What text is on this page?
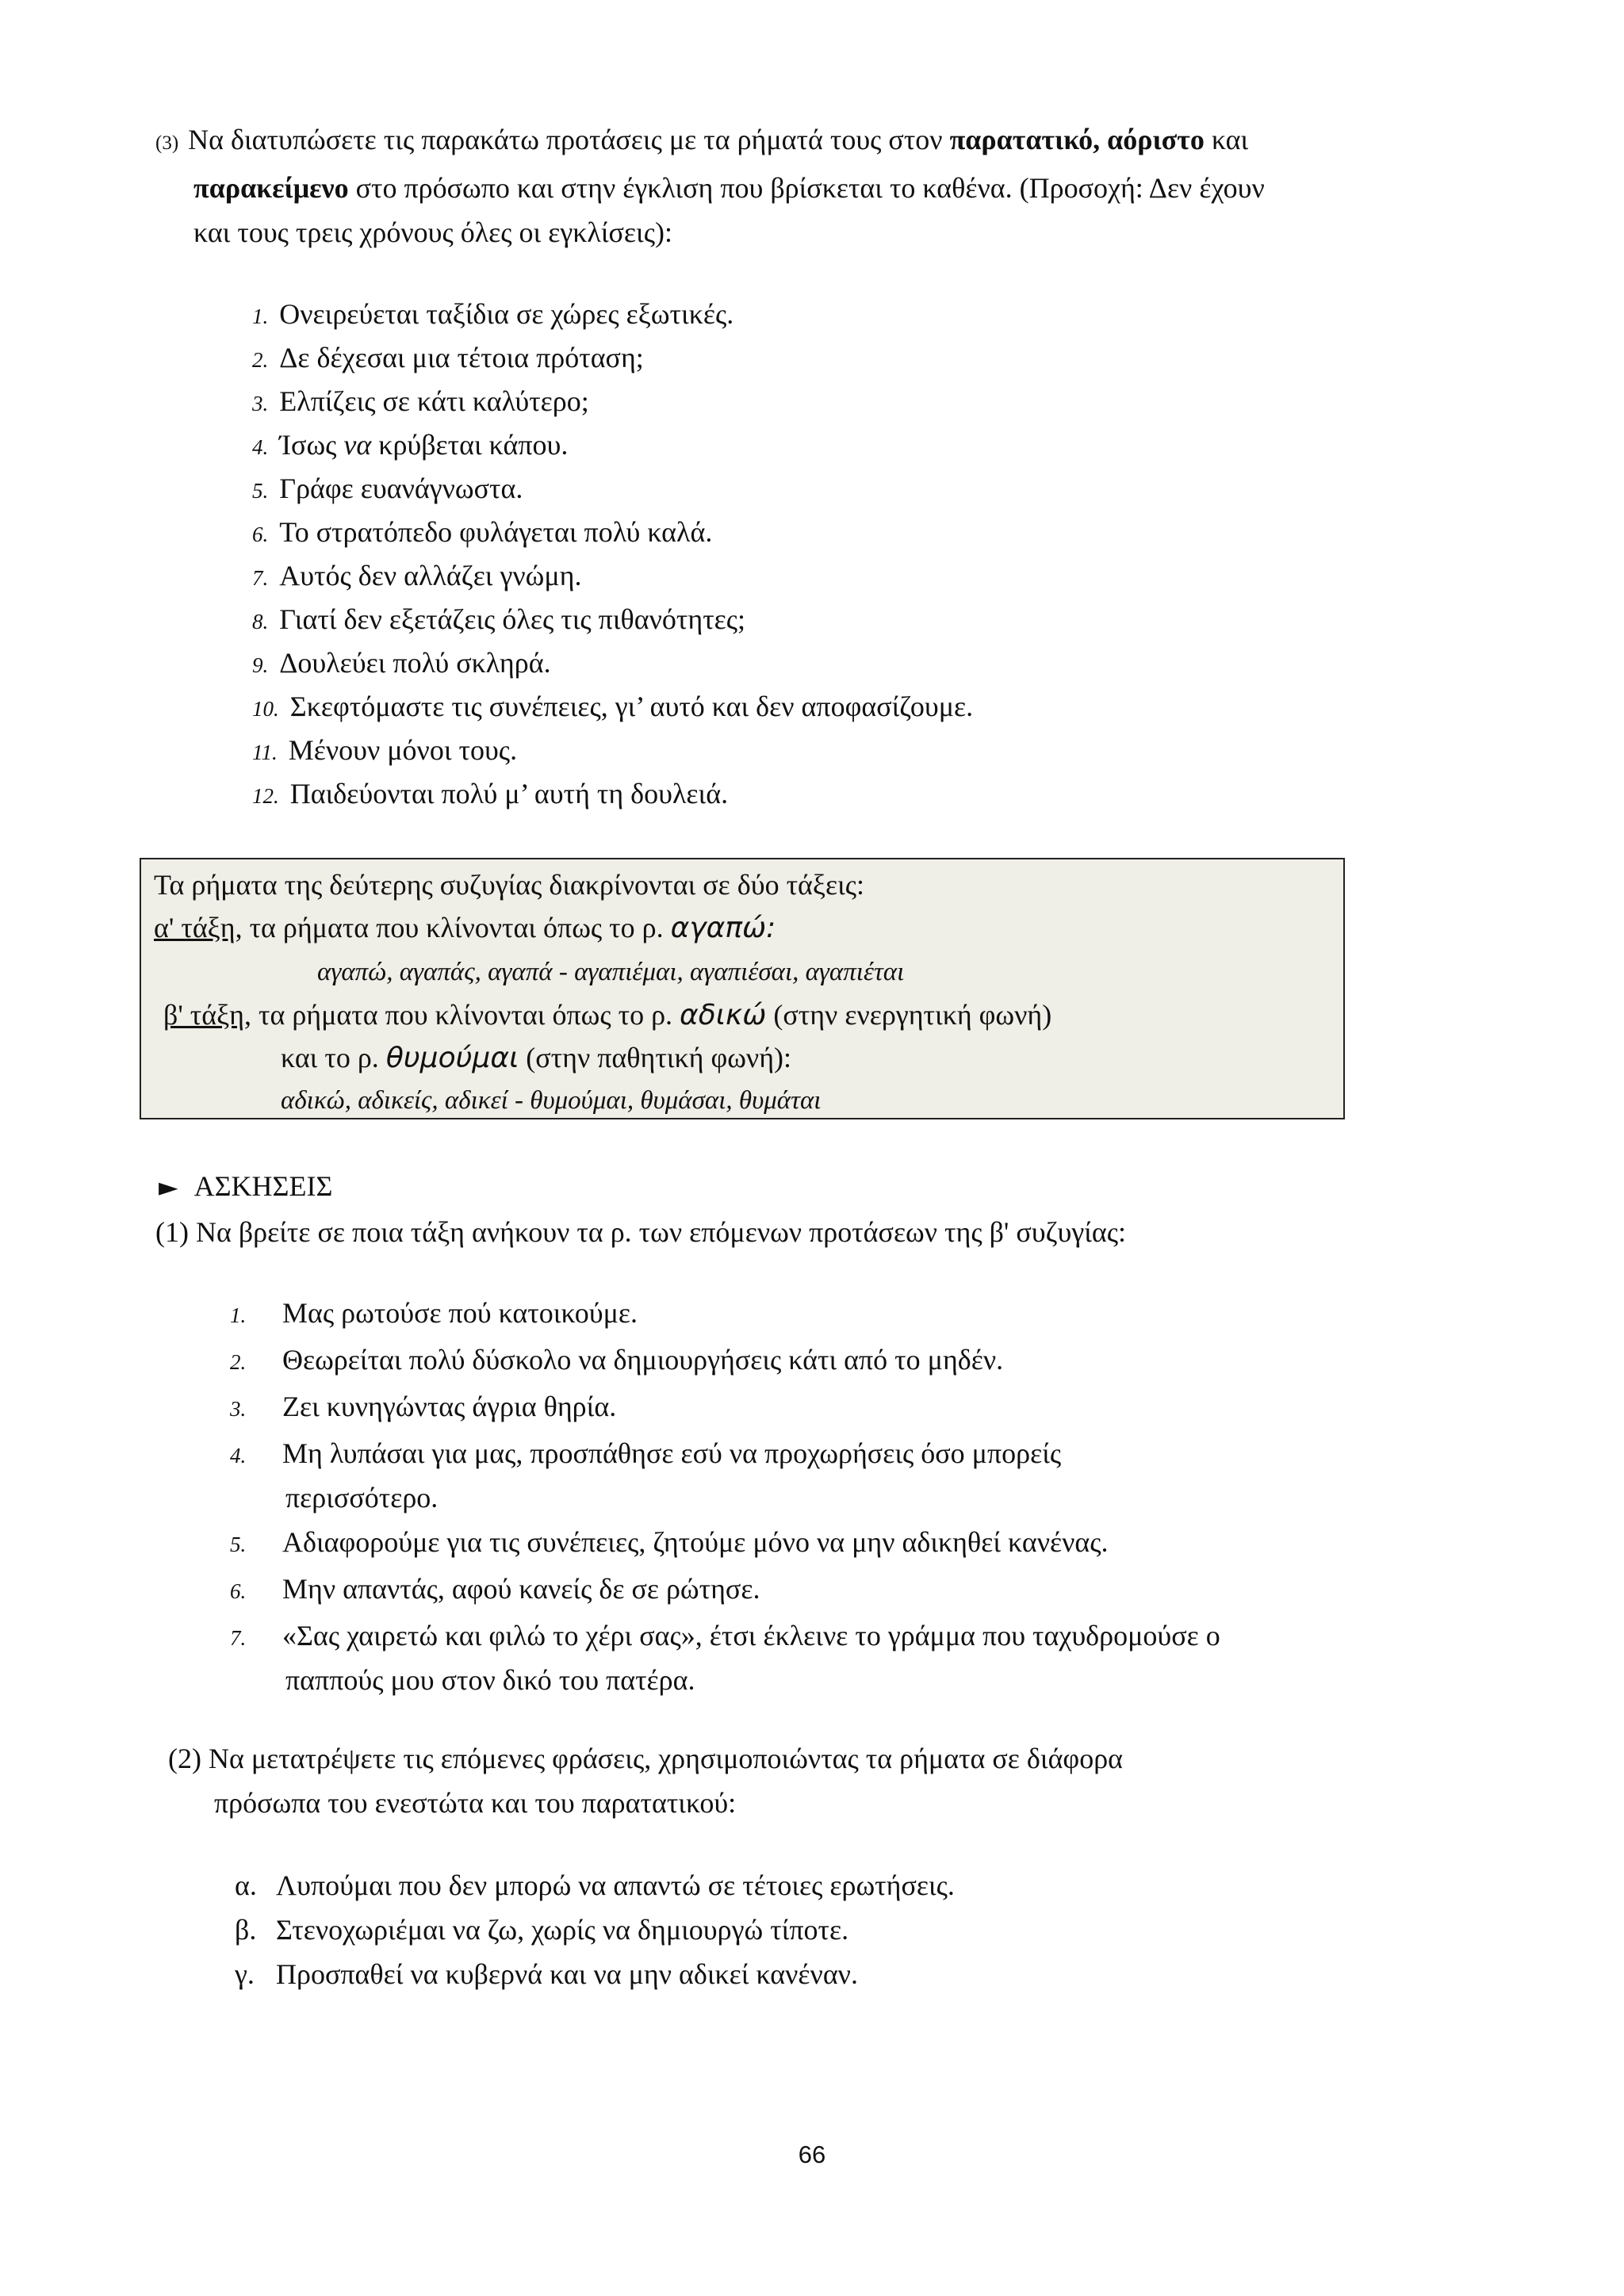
(3) Να διατυπώσετε τις παρακάτω προτάσεις με τα ρήματά τους στον παρατατικό, αόριστο και
παρακείμενο στο πρόσωπο και στην έγκλιση που βρίσκεται το καθένα. (Προσοχή: Δεν έχουν
και τους τρεις χρόνους όλες οι εγκλίσεις):
1. Ονειρεύεται ταξίδια σε χώρες εξωτικές.
2. Δε δέχεσαι μια τέτοια πρόταση;
3. Ελπίζεις σε κάτι καλύτερο;
4. Ίσως
να
κρύβεται κάπου.
5. Γράφε ευανάγνωστα.
6. Το στρατόπεδο φυλάγεται πολύ καλά.
7. Αυτός δεν αλλάζει γνώμη.
8. Γιατί δεν εξετάζεις όλες τις πιθανότητες;
9. Δουλεύει πολύ σκληρά.
10. Σκεφτόμαστε τις συνέπειες, γι’ αυτό και δεν αποφασίζουμε.
11. Μένουν μόνοι τους.
12. Παιδεύονται πολύ μ’ αυτή τη δουλειά.
Τα ρήματα της δεύτερης συζυγίας διακρίνονται σε δύο τάξεις:
α' τάξη, τα ρήματα που κλίνονται όπως το ρ. αγαπώ:
αγαπώ, αγαπάς, αγαπά - αγαπιέμαι, αγαπιέσαι, αγαπιέται
β' τάξη, τα ρήματα που κλίνονται όπως το ρ. αδικώ (στην ενεργητική φωνή)
και το ρ. θυμούμαι (στην παθητική φωνή):
αδικώ, αδικείς, αδικεί - θυμούμαι, θυμάσαι, θυμάται
► ΑΣΚΗΣΕΙΣ
(1) Να βρείτε σε ποια τάξη ανήκουν τα ρ. των επόμενων προτάσεων της β' συζυγίας:
1.	Μας ρωτούσε πού κατοικούμε.
2.	Θεωρείται πολύ δύσκολο να δημιουργήσεις κάτι από το μηδέν.
3.	Ζει κυνηγώντας άγρια θηρία.
4.	Μη λυπάσαι για μας, προσπάθησε εσύ να προχωρήσεις όσο μπορείς
περισσότερο.
5.	Αδιαφορούμε για τις συνέπειες, ζητούμε μόνο να μην αδικηθεί κανένας.
6.	Μην απαντάς, αφού κανείς δε σε ρώτησε.
7.	«Σας χαιρετώ και φιλώ το χέρι σας», έτσι έκλεινε το γράμμα που ταχυδρομούσε ο
παππούς μου στον δικό του πατέρα.
(2) Να μετατρέψετε τις επόμενες φράσεις, χρησιμοποιώντας τα ρήματα σε διάφορα
πρόσωπα του ενεστώτα και του παρατατικού:
α. Λυπούμαι που δεν μπορώ να απαντώ σε τέτοιες ερωτήσεις.
β. Στενοχωριέμαι να ζω, χωρίς να δημιουργώ τίποτε.
γ. Προσπαθεί να κυβερνά και να μην αδικεί κανέναν.
66
